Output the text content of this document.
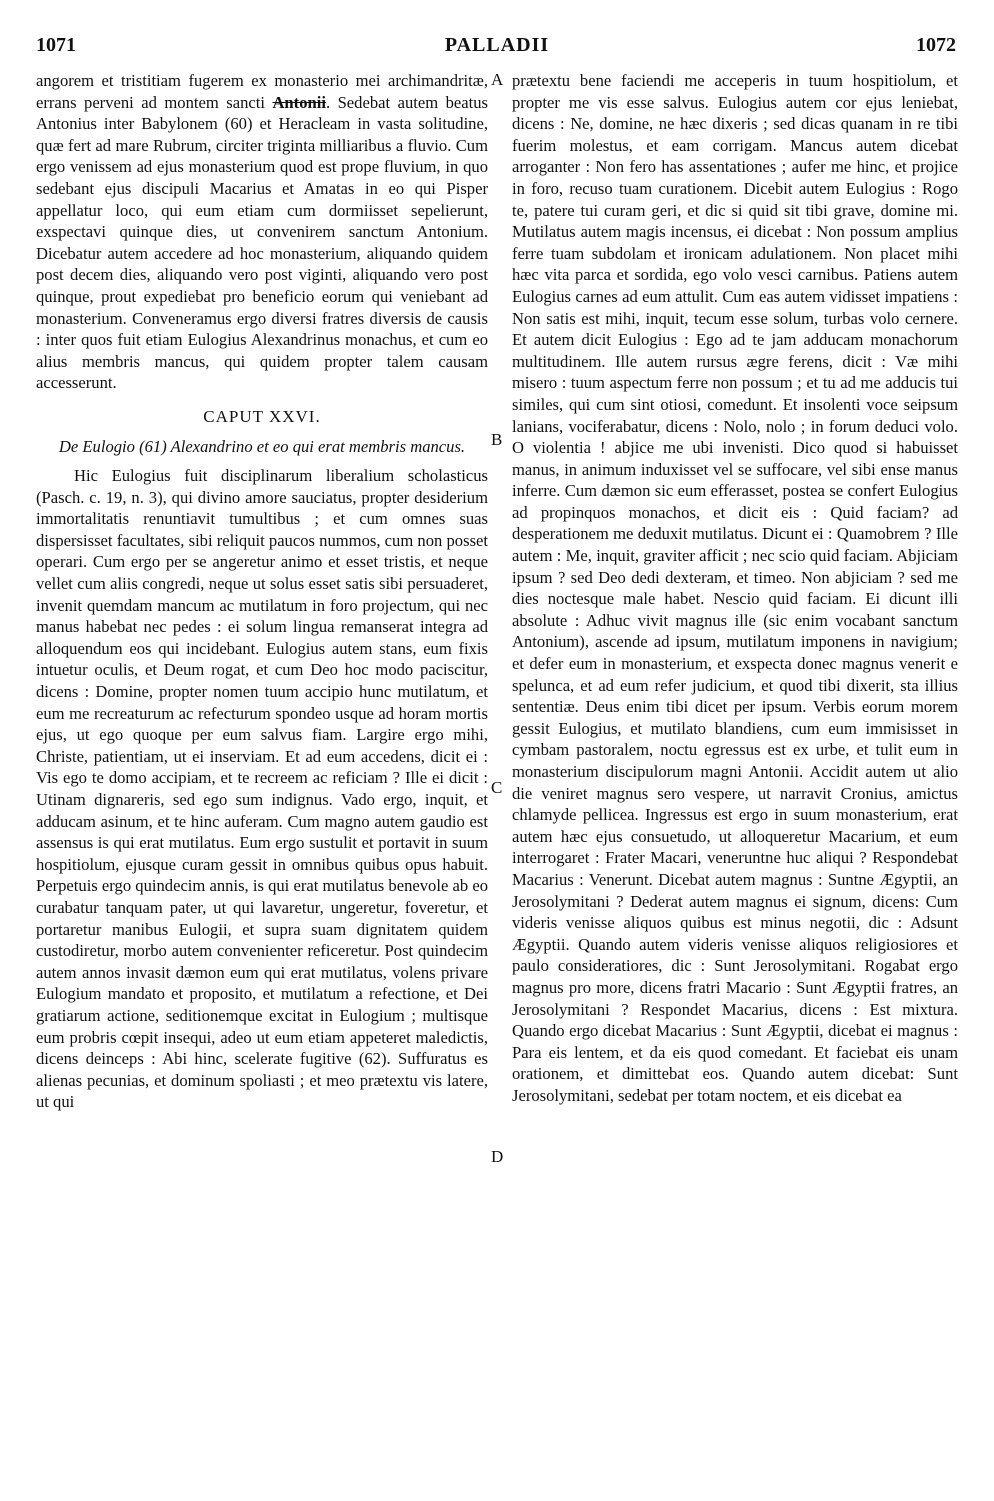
1071	PALLADII	1072

angorem et tristitiam fugerem ex monasterio mei archimandritæ, errans perveni ad montem sancti Antonii. Sedebat autem beatus Antonius inter Babylonem (60) et Heracleam in vasta solitudine, quæ fert ad mare Rubrum, circiter triginta milliaribus a fluvio. Cum ergo venissem ad ejus monasterium quod est prope fluvium, in quo sedebant ejus discipuli Macarius et Amatas in eo qui Pisper appellatur loco, qui eum etiam cum dormiisset sepelierunt, exspectavi quinque dies, ut convenirem sanctum Antonium. Dicebatur autem accedere ad hoc monasterium, aliquando quidem post decem dies, aliquando vero post viginti, aliquando vero post quinque, prout expediebat pro beneficio eorum qui veniebant ad monasterium. Conveneramus ergo diversi fratres diversis de causis : inter quos fuit etiam Eulogius Alexandrinus monachus, et cum eo alius membris mancus, qui quidem propter talem causam accesserunt.

CAPUT XXVI.
De Eulogio (61) Alexandrino et eo qui erat membris mancus.

Hic Eulogius fuit disciplinarum liberalium scholasticus (Pasch. c. 19, n. 3), qui divino amore sauciatus, propter desiderium immortalitatis renuntiavit tumultibus ; et cum omnes suas dispersisset facultates, sibi reliquit paucos nummos, cum non posset operari. Cum ergo per se angeretur animo et esset tristis, et neque vellet cum aliis congredi, neque ut solus esset satis sibi persuaderet, invenit quemdam mancum ac mutilatum in foro projectum, qui nec manus habebat nec pedes : ei solum lingua remanserat integra ad alloquendum eos qui incidebant. Eulogius autem stans, eum fixis intuetur oculis, et Deum rogat, et cum Deo hoc modo paciscitur, dicens : Domine, propter nomen tuum accipio hunc mutilatum, et eum me recreaturum ac refecturum spondeo usque ad horam mortis ejus, ut ego quoque per eum salvus fiam. Largire ergo mihi, Christe, patientiam, ut ei inserviam. Et ad eum accedens, dicit ei : Vis ego te domo accipiam, et te recreem ac reficiam ? Ille ei dicit : Utinam dignareris, sed ego sum indignus. Vado ergo, inquit, et adducam asinum, et te hinc auferam. Cum magno autem gaudio est assensus is qui erat mutilatus. Eum ergo sustulit et portavit in suum hospitiolum, ejusque curam gessit in omnibus quibus opus habuit. Perpetuis ergo quindecim annis, is qui erat mutilatus benevole ab eo curabatur tanquam pater, ut qui lavaretur, ungeretur, foveretur, et portaretur manibus Eulogii, et supra suam dignitatem quidem custodiretur, morbo autem convenienter reficeretur. Post quindecim autem annos invasit dæmon eum qui erat mutilatus, volens privare Eulogium mandato et proposito, et mutilatum a refectione, et Dei gratiarum actione, seditionemque excitat in Eulogium ; multisque eum probris cœpit insequi, adeo ut eum etiam appeteret maledictis, dicens deinceps : Abi hinc, scelerate fugitive (62). Suffuratus es alienas pecunias, et dominum spoliasti ; et meo prætextu vis latere, ut qui

A
B
C
D

prætextu bene faciendi me acceperis in tuum hospitiolum, et propter me vis esse salvus. Eulogius autem cor ejus leniebat, dicens : Ne, domine, ne hæc dixeris ; sed dicas quanam in re tibi fuerim molestus, et eam corrigam. Mancus autem dicebat arroganter : Non fero has assentationes ; aufer me hinc, et projice in foro, recuso tuam curationem. Dicebit autem Eulogius : Rogo te, patere tui curam geri, et dic si quid sit tibi grave, domine mi. Mutilatus autem magis incensus, ei dicebat : Non possum amplius ferre tuam subdolam et ironicam adulationem. Non placet mihi hæc vita parca et sordida, ego volo vesci carnibus. Patiens autem Eulogius carnes ad eum attulit. Cum eas autem vidisset impatiens : Non satis est mihi, inquit, tecum esse solum, turbas volo cernere. Et autem dicit Eulogius : Ego ad te jam adducam monachorum multitudinem. Ille autem rursus ægre ferens, dicit : Væ mihi misero : tuum aspectum ferre non possum ; et tu ad me adducis tui similes, qui cum sint otiosi, comedunt. Et insolenti voce seipsum lanians, vociferabatur, dicens : Nolo, nolo ; in forum deduci volo. O violentia ! abjice me ubi invenisti. Dico quod si habuisset manus, in animum induxisset vel se suffocare, vel sibi ense manus inferre. Cum dæmon sic eum efferasset, postea se confert Eulogius ad propinquos monachos, et dicit eis : Quid faciam? ad desperationem me deduxit mutilatus. Dicunt ei : Quamobrem ? Ille autem : Me, inquit, graviter afficit ; nec scio quid faciam. Abjiciam ipsum ? sed Deo dedi dexteram, et timeo. Non abjiciam ? sed me dies noctesque male habet. Nescio quid faciam. Ei dicunt illi absolute : Adhuc vivit magnus ille (sic enim vocabant sanctum Antonium), ascende ad ipsum, mutilatum imponens in navigium; et defer eum in monasterium, et exspecta donec magnus venerit e spelunca, et ad eum refer judicium, et quod tibi dixerit, sta illius sententiæ. Deus enim tibi dicet per ipsum. Verbis eorum morem gessit Eulogius, et mutilato blandiens, cum eum immisisset in cymbam pastoralem, noctu egressus est ex urbe, et tulit eum in monasterium discipulorum magni Antonii. Accidit autem ut alio die veniret magnus sero vespere, ut narravit Cronius, amictus chlamyde pellicea. Ingressus est ergo in suum monasterium, erat autem hæc ejus consuetudo, ut alloqueretur Macarium, et eum interrogaret : Frater Macari, veneruntne huc aliqui ? Respondebat Macarius : Venerunt. Dicebat autem magnus : Suntne Ægyptii, an Jerosolymitani ? Dederat autem magnus ei signum, dicens: Cum videris venisse aliquos quibus est minus negotii, dic : Adsunt Ægyptii. Quando autem videris venisse aliquos religiosiores et paulo consideratiores, dic : Sunt Jerosolymitani. Rogabat ergo magnus pro more, dicens fratri Macario : Sunt Ægyptii fratres, an Jerosolymitani ? Respondet Macarius, dicens : Est mixtura. Quando ergo dicebat Macarius : Sunt Ægyptii, dicebat ei magnus : Para eis lentem, et da eis quod comedant. Et faciebat eis unam orationem, et dimittebat eos. Quando autem dicebat: Sunt Jerosolymitani, sedebat per totam noctem, et eis dicebat ea
